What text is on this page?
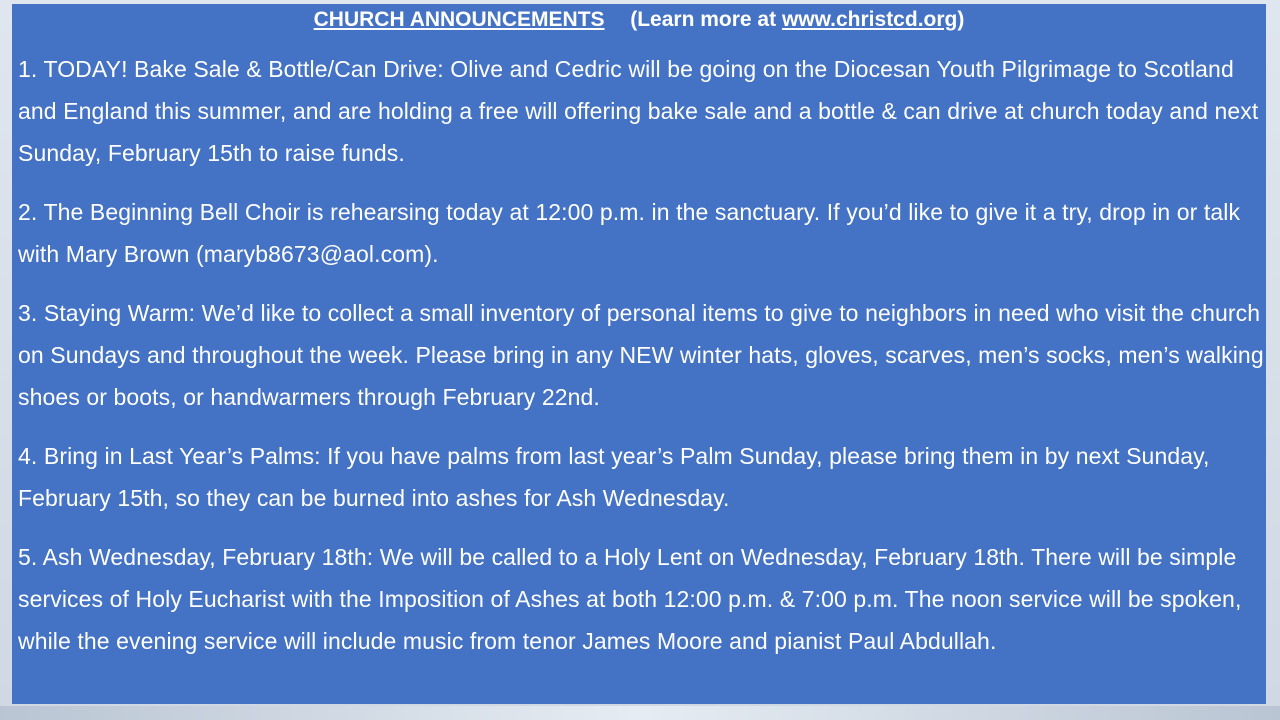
CHURCH ANNOUNCEMENTS (Learn more at www.christcd.org)

1. TODAY! Bake Sale & Bottle/Can Drive: Olive and Cedric will be going on the Diocesan Youth Pilgrimage to Scotland and England this summer, and are holding a free will offering bake sale and a bottle & can drive at church today and next Sunday, February 15th to raise funds.

2. The Beginning Bell Choir is rehearsing today at 12:00 p.m. in the sanctuary. If you’d like to give it a try, drop in or talk with Mary Brown (maryb8673@aol.com).

3. Staying Warm: We’d like to collect a small inventory of personal items to give to neighbors in need who visit the church on Sundays and throughout the week. Please bring in any NEW winter hats, gloves, scarves, men’s socks, men’s walking shoes or boots, or handwarmers through February 22nd.

4. Bring in Last Year’s Palms: If you have palms from last year’s Palm Sunday, please bring them in by next Sunday, February 15th, so they can be burned into ashes for Ash Wednesday.

5. Ash Wednesday, February 18th: We will be called to a Holy Lent on Wednesday, February 18th. There will be simple services of Holy Eucharist with the Imposition of Ashes at both 12:00 p.m. & 7:00 p.m. The noon service will be spoken, while the evening service will include music from tenor James Moore and pianist Paul Abdullah.
